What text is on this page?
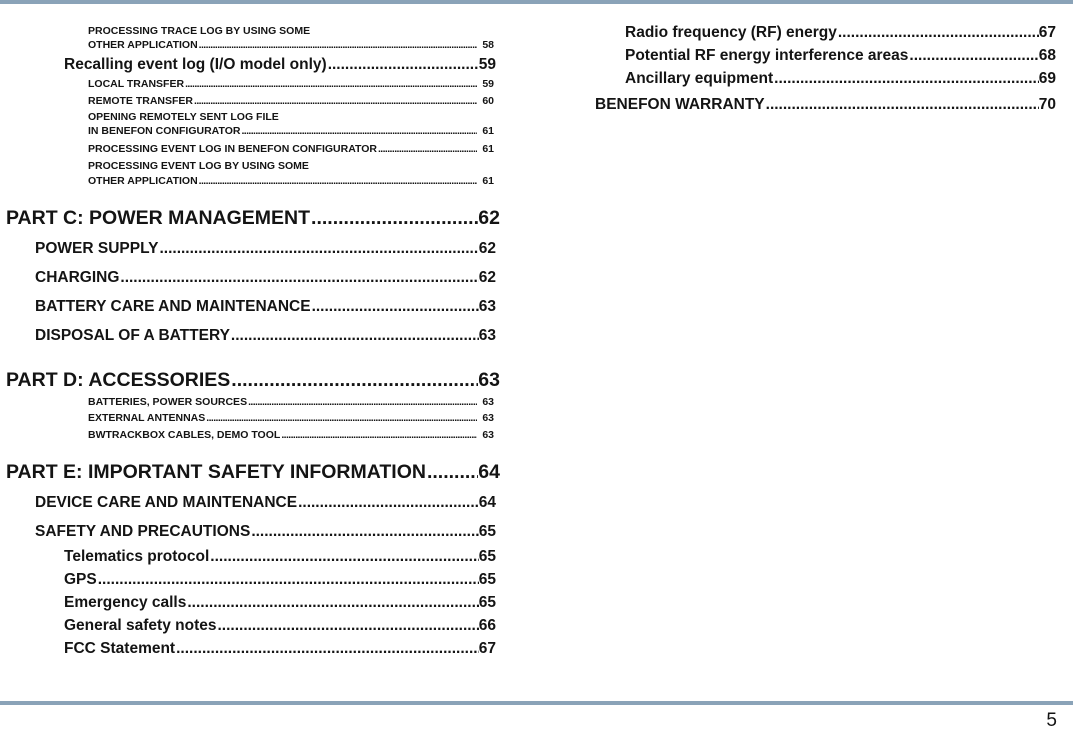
PROCESSING TRACE LOG BY USING SOME
OTHER APPLICATION .....	58
Recalling event log (I/O model only) .....	59
LOCAL TRANSFER .....	59
REMOTE TRANSFER .....	60
OPENING REMOTELY SENT LOG FILE
IN BENEFON CONFIGURATOR .....	61
PROCESSING EVENT LOG IN BENEFON CONFIGURATOR .....	61
PROCESSING EVENT LOG BY USING SOME
OTHER APPLICATION .....	61
PART C: POWER MANAGEMENT .....	62
POWER SUPPLY .....	62
CHARGING .....	62
BATTERY CARE AND MAINTENANCE .....	63
DISPOSAL OF A BATTERY .....	63
PART D: ACCESSORIES .....	63
BATTERIES, POWER SOURCES .....	63
EXTERNAL ANTENNAS .....	63
BWTRACKBOX CABLES, DEMO TOOL .....	63
PART E: IMPORTANT SAFETY INFORMATION .....	64
DEVICE CARE AND MAINTENANCE .....	64
SAFETY AND PRECAUTIONS .....	65
Telematics protocol .....	65
GPS .....	65
Emergency calls .....	65
General safety notes .....	66
FCC Statement .....	67
Radio frequency (RF) energy .....	67
Potential RF energy interference areas .....	68
Ancillary equipment .....	69
BENEFON WARRANTY .....	70
5
